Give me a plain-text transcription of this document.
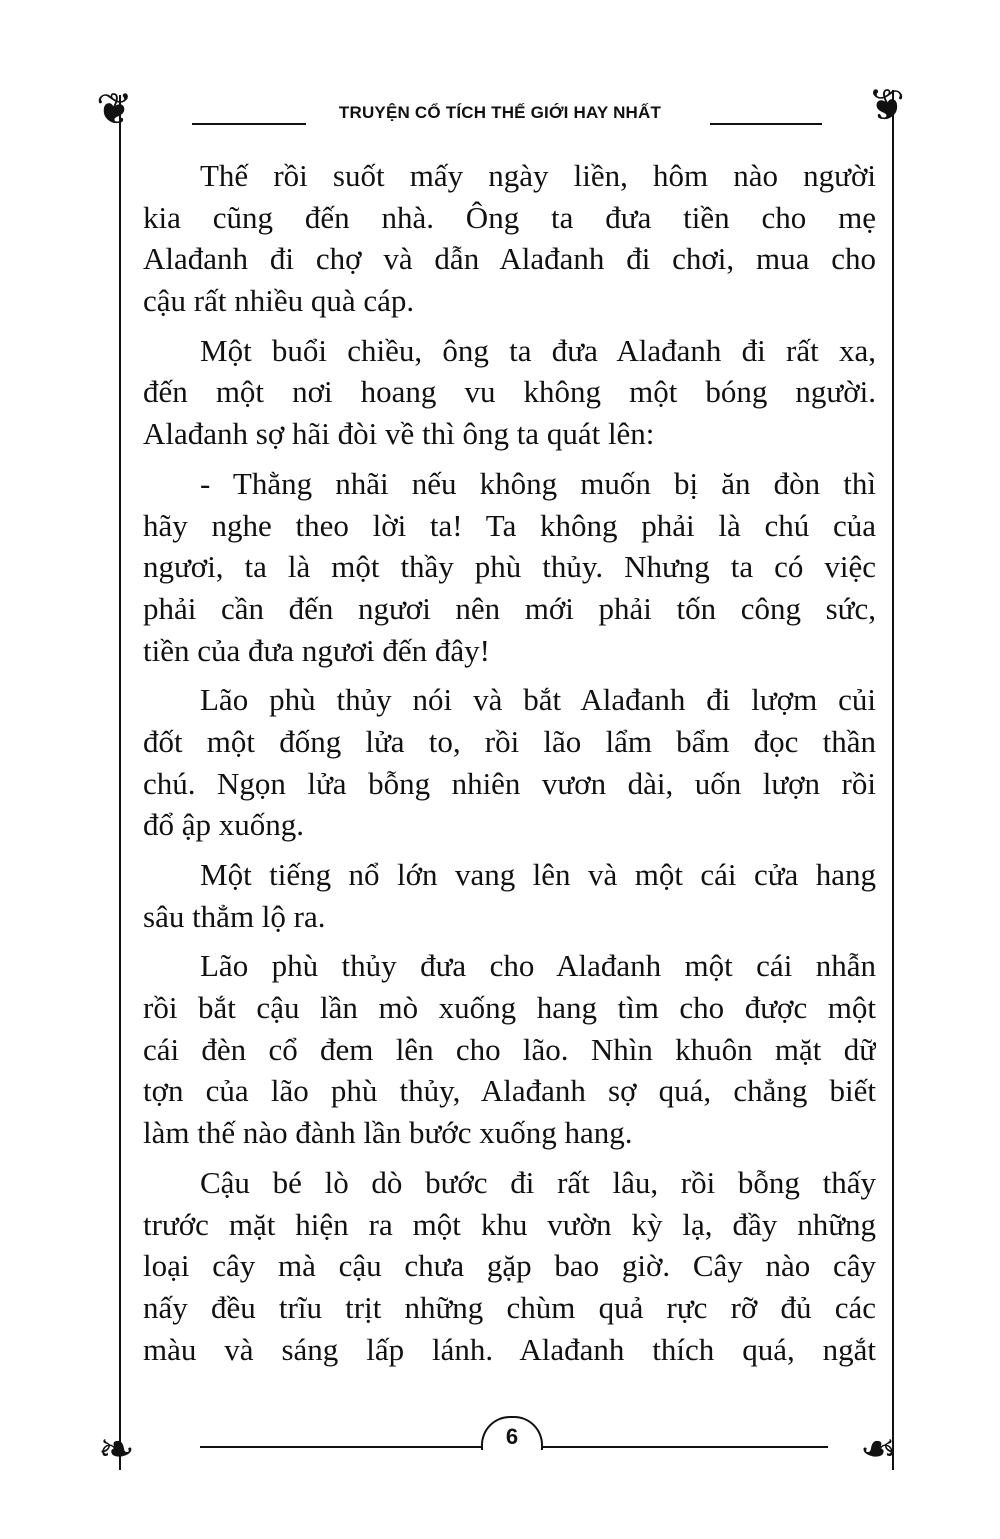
❦	❦
❧	❧
TRUYỆN CỔ TÍCH THẾ GIỚI HAY NHẤT
Thế rồi suốt mấy ngày liền, hôm nào người
kia cũng đến nhà. Ông ta đưa tiền cho mẹ
Alađanh đi chợ và dẫn Alađanh đi chơi, mua cho
cậu rất nhiều quà cáp.
Một buổi chiều, ông ta đưa Alađanh đi rất xa,
đến một nơi hoang vu không một bóng người.
Alađanh sợ hãi đòi về thì ông ta quát lên:
- Thằng nhãi nếu không muốn bị ăn đòn thì
hãy nghe theo lời ta! Ta không phải là chú của
ngươi, ta là một thầy phù thủy. Nhưng ta có việc
phải cần đến ngươi nên mới phải tốn công sức,
tiền của đưa ngươi đến đây!
Lão phù thủy nói và bắt Alađanh đi lượm củi
đốt một đống lửa to, rồi lão lẩm bẩm đọc thần
chú. Ngọn lửa bỗng nhiên vươn dài, uốn lượn rồi
đổ ập xuống.
Một tiếng nổ lớn vang lên và một cái cửa hang
sâu thẳm lộ ra.
Lão phù thủy đưa cho Alađanh một cái nhẫn
rồi bắt cậu lần mò xuống hang tìm cho được một
cái đèn cổ đem lên cho lão. Nhìn khuôn mặt dữ
tợn của lão phù thủy, Alađanh sợ quá, chẳng biết
làm thế nào đành lần bước xuống hang.
Cậu bé lò dò bước đi rất lâu, rồi bỗng thấy
trước mặt hiện ra một khu vườn kỳ lạ, đầy những
loại cây mà cậu chưa gặp bao giờ. Cây nào cây
nấy đều trĩu trịt những chùm quả rực rỡ đủ các
màu và sáng lấp lánh. Alađanh thích quá, ngắt
6
